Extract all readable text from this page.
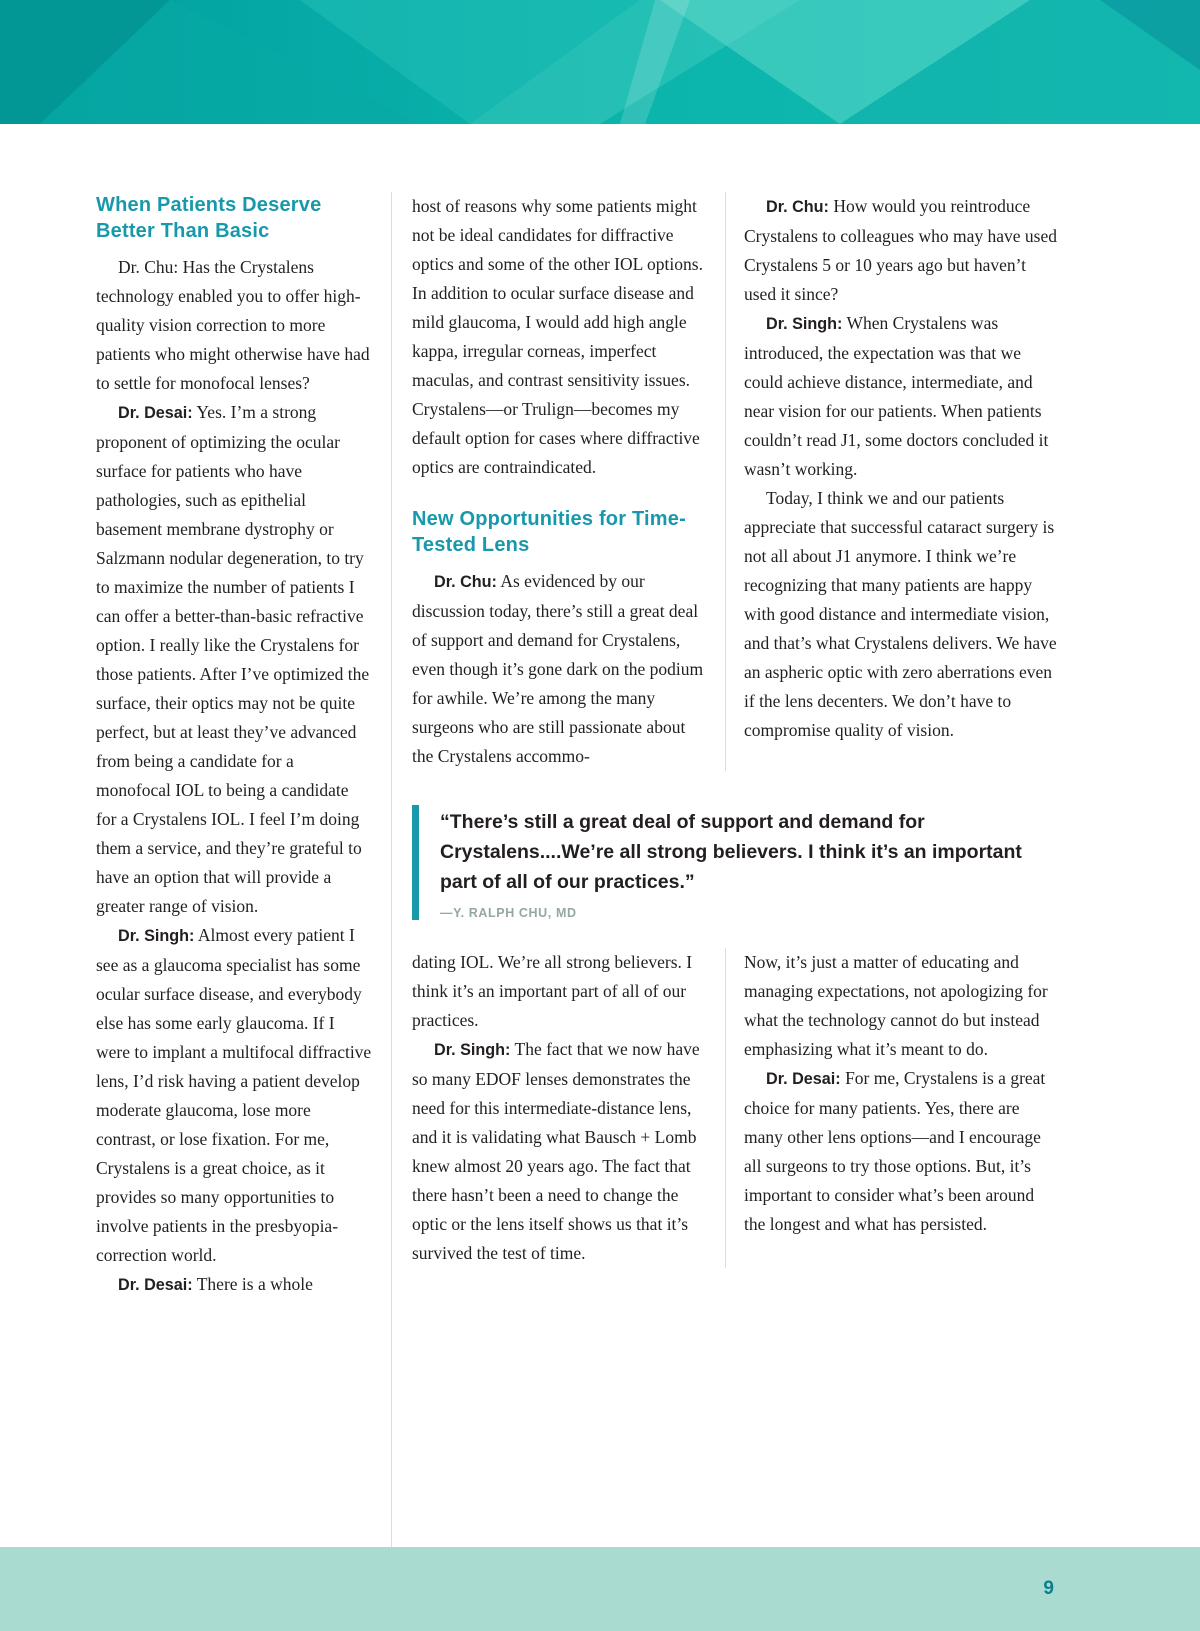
When Patients Deserve Better Than Basic

Dr. Chu: Has the Crystalens technology enabled you to offer high-quality vision correction to more patients who might otherwise have had to settle for monofocal lenses?

Dr. Desai: Yes. I’m a strong proponent of optimizing the ocular surface for patients who have pathologies, such as epithelial basement membrane dystrophy or Salzmann nodular degeneration, to try to maximize the number of patients I can offer a better-than-basic refractive option. I really like the Crystalens for those patients. After I’ve optimized the surface, their optics may not be quite perfect, but at least they’ve advanced from being a candidate for a monofocal IOL to being a candidate for a Crystalens IOL. I feel I’m doing them a service, and they’re grateful to have an option that will provide a greater range of vision.

Dr. Singh: Almost every patient I see as a glaucoma specialist has some ocular surface disease, and everybody else has some early glaucoma. If I were to implant a multifocal diffractive lens, I’d risk having a patient develop moderate glaucoma, lose more contrast, or lose fixation. For me, Crystalens is a great choice, as it provides so many opportunities to involve patients in the presbyopia-correction world.

Dr. Desai: There is a whole

host of reasons why some patients might not be ideal candidates for diffractive optics and some of the other IOL options. In addition to ocular surface disease and mild glaucoma, I would add high angle kappa, irregular corneas, imperfect maculas, and contrast sensitivity issues. Crystalens—or Trulign—becomes my default option for cases where diffractive optics are contraindicated.

New Opportunities for Time-Tested Lens

Dr. Chu: As evidenced by our discussion today, there’s still a great deal of support and demand for Crystalens, even though it’s gone dark on the podium for awhile. We’re among the many surgeons who are still passionate about the Crystalens accommo-

Dr. Chu: How would you reintroduce Crystalens to colleagues who may have used Crystalens 5 or 10 years ago but haven’t used it since?

Dr. Singh: When Crystalens was introduced, the expectation was that we could achieve distance, intermediate, and near vision for our patients. When patients couldn’t read J1, some doctors concluded it wasn’t working.

Today, I think we and our patients appreciate that successful cataract surgery is not all about J1 anymore. I think we’re recognizing that many patients are happy with good distance and intermediate vision, and that’s what Crystalens delivers. We have an aspheric optic with zero aberrations even if the lens decenters. We don’t have to compromise quality of vision.

“There’s still a great deal of support and demand for Crystalens....We’re all strong believers. I think it’s an important part of all of our practices.”

—Y. RALPH CHU, MD

dating IOL. We’re all strong believers. I think it’s an important part of all of our practices.

Dr. Singh: The fact that we now have so many EDOF lenses demonstrates the need for this intermediate-distance lens, and it is validating what Bausch + Lomb knew almost 20 years ago. The fact that there hasn’t been a need to change the optic or the lens itself shows us that it’s survived the test of time.

Now, it’s just a matter of educating and managing expectations, not apologizing for what the technology cannot do but instead emphasizing what it’s meant to do.

Dr. Desai: For me, Crystalens is a great choice for many patients. Yes, there are many other lens options—and I encourage all surgeons to try those options. But, it’s important to consider what’s been around the longest and what has persisted.

9
